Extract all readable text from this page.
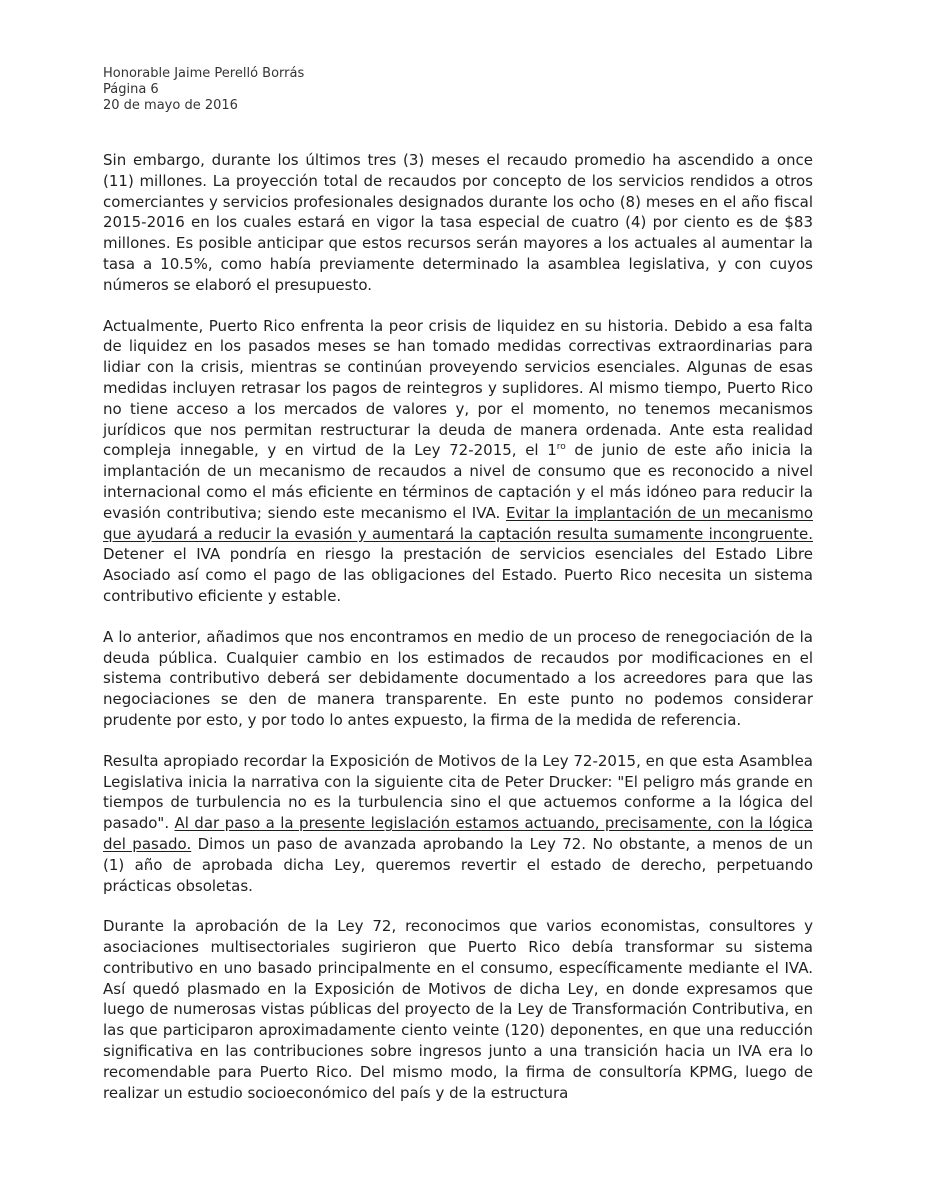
Honorable Jaime Perelló Borrás
Página 6
20 de mayo de 2016

Sin embargo, durante los últimos tres (3) meses el recaudo promedio ha ascendido a once (11) millones. La proyección total de recaudos por concepto de los servicios rendidos a otros comerciantes y servicios profesionales designados durante los ocho (8) meses en el año fiscal 2015-2016 en los cuales estará en vigor la tasa especial de cuatro (4) por ciento es de $83 millones. Es posible anticipar que estos recursos serán mayores a los actuales al aumentar la tasa a 10.5%, como había previamente determinado la asamblea legislativa, y con cuyos números se elaboró el presupuesto.

Actualmente, Puerto Rico enfrenta la peor crisis de liquidez en su historia. Debido a esa falta de liquidez en los pasados meses se han tomado medidas correctivas extraordinarias para lidiar con la crisis, mientras se continúan proveyendo servicios esenciales. Algunas de esas medidas incluyen retrasar los pagos de reintegros y suplidores. Al mismo tiempo, Puerto Rico no tiene acceso a los mercados de valores y, por el momento, no tenemos mecanismos jurídicos que nos permitan restructurar la deuda de manera ordenada. Ante esta realidad compleja innegable, y en virtud de la Ley 72-2015, el $1^{ro}$ de junio de este año inicia la implantación de un mecanismo de recaudos a nivel de consumo que es reconocido a nivel internacional como el más eficiente en términos de captación y el más idóneo para reducir la evasión contributiva; siendo este mecanismo el IVA. Evitar la implantación de un mecanismo que ayudará a reducir la evasión y aumentará la captación resulta sumamente incongruente. Detener el IVA pondría en riesgo la prestación de servicios esenciales del Estado Libre Asociado así como el pago de las obligaciones del Estado. Puerto Rico necesita un sistema contributivo eficiente y estable.

A lo anterior, añadimos que nos encontramos en medio de un proceso de renegociación de la deuda pública. Cualquier cambio en los estimados de recaudos por modificaciones en el sistema contributivo deberá ser debidamente documentado a los acreedores para que las negociaciones se den de manera transparente. En este punto no podemos considerar prudente por esto, y por todo lo antes expuesto, la firma de la medida de referencia.

Resulta apropiado recordar la Exposición de Motivos de la Ley 72-2015, en que esta Asamblea Legislativa inicia la narrativa con la siguiente cita de Peter Drucker: "El peligro más grande en tiempos de turbulencia no es la turbulencia sino el que actuemos conforme a la lógica del pasado". Al dar paso a la presente legislación estamos actuando, precisamente, con la lógica del pasado. Dimos un paso de avanzada aprobando la Ley 72. No obstante, a menos de un (1) año de aprobada dicha Ley, queremos revertir el estado de derecho, perpetuando prácticas obsoletas.

Durante la aprobación de la Ley 72, reconocimos que varios economistas, consultores y asociaciones multisectoriales sugirieron que Puerto Rico debía transformar su sistema contributivo en uno basado principalmente en el consumo, específicamente mediante el IVA. Así quedó plasmado en la Exposición de Motivos de dicha Ley, en donde expresamos que luego de numerosas vistas públicas del proyecto de la Ley de Transformación Contributiva, en las que participaron aproximadamente ciento veinte (120) deponentes, en que una reducción significativa en las contribuciones sobre ingresos junto a una transición hacia un IVA era lo recomendable para Puerto Rico. Del mismo modo, la firma de consultoría KPMG, luego de realizar un estudio socioeconómico del país y de la estructura
